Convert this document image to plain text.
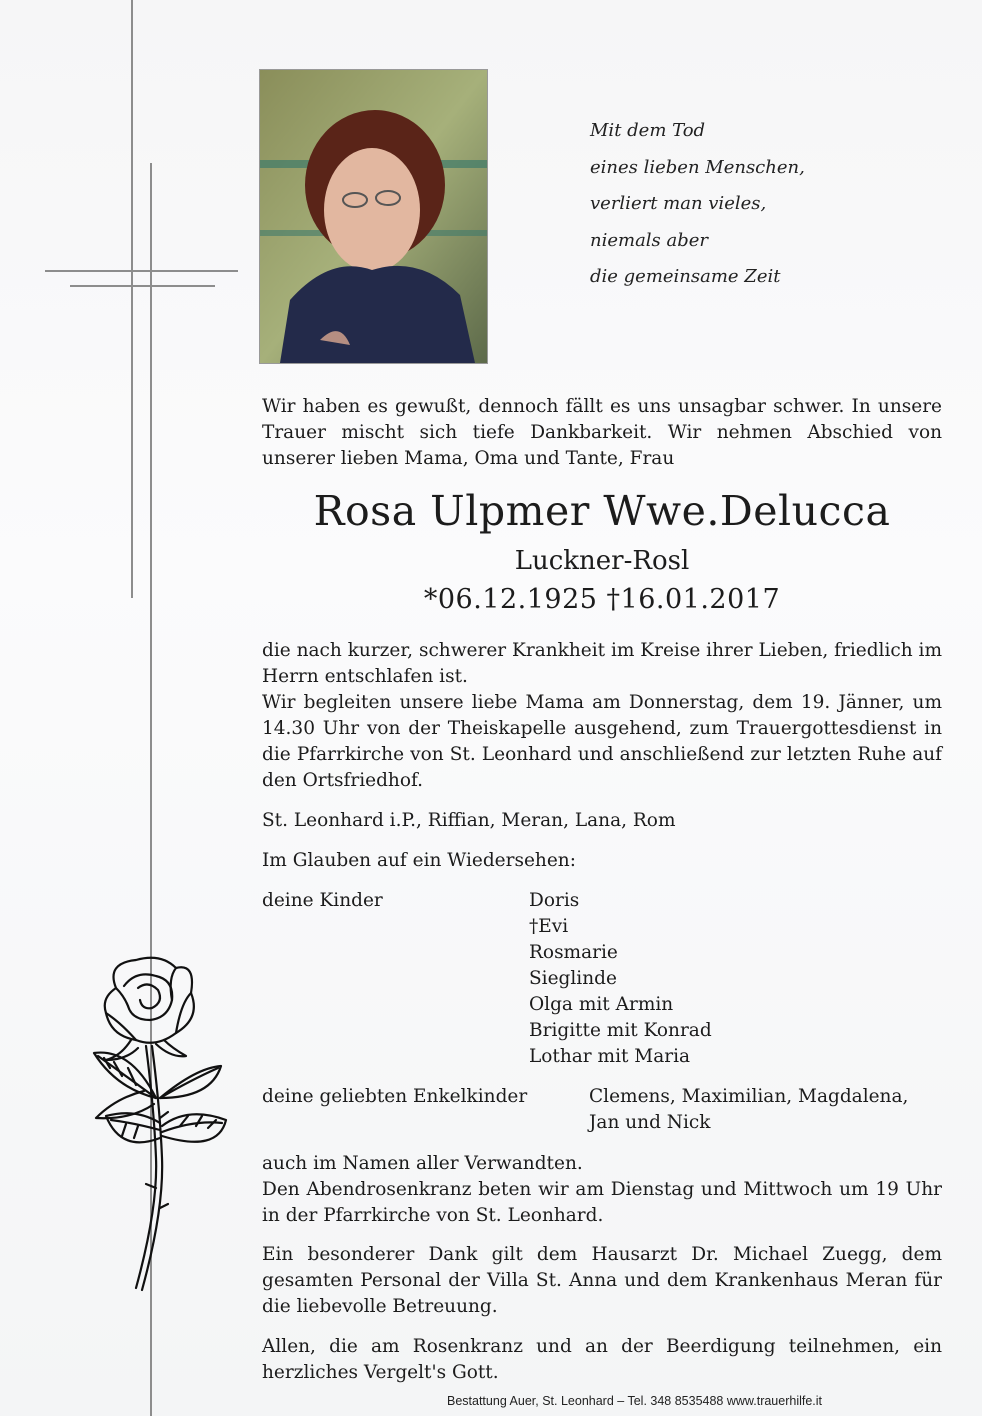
Mit dem Tod
eines lieben Menschen,
verliert man vieles,
niemals aber
die gemeinsame Zeit
Wir haben es gewußt, dennoch fällt es uns unsagbar schwer. In unsere Trauer mischt sich tiefe Dankbarkeit. Wir nehmen Abschied von unserer lieben Mama, Oma und Tante, Frau
Rosa Ulpmer Wwe.Delucca
Luckner-Rosl
*06.12.1925 †16.01.2017
die nach kurzer, schwerer Krankheit im Kreise ihrer Lieben, friedlich im Herrn entschlafen ist.
Wir begleiten unsere liebe Mama am Donnerstag, dem 19. Jänner, um 14.30 Uhr von der Theiskapelle ausgehend, zum Trauergottesdienst in die Pfarrkirche von St. Leonhard und anschließend zur letzten Ruhe auf den Ortsfriedhof.
St. Leonhard i.P., Riffian, Meran, Lana, Rom
Im Glauben auf ein Wiedersehen:
deine Kinder	Doris
†Evi
Rosmarie
Sieglinde
Olga mit Armin
Brigitte mit Konrad
Lothar mit Maria
deine geliebten Enkelkinder	Clemens, Maximilian, Magdalena,
Jan und Nick
auch im Namen aller Verwandten.
Den Abendrosenkranz beten wir am Dienstag und Mittwoch um 19 Uhr in der Pfarrkirche von St. Leonhard.
Ein besonderer Dank gilt dem Hausarzt Dr. Michael Zuegg, dem gesamten Personal der Villa St. Anna und dem Krankenhaus Meran für die liebevolle Betreuung.
Allen, die am Rosenkranz und an der Beerdigung teilnehmen, ein herzliches Vergelt's Gott.
Bestattung Auer, St. Leonhard – Tel. 348 8535488 www.trauerhilfe.it
